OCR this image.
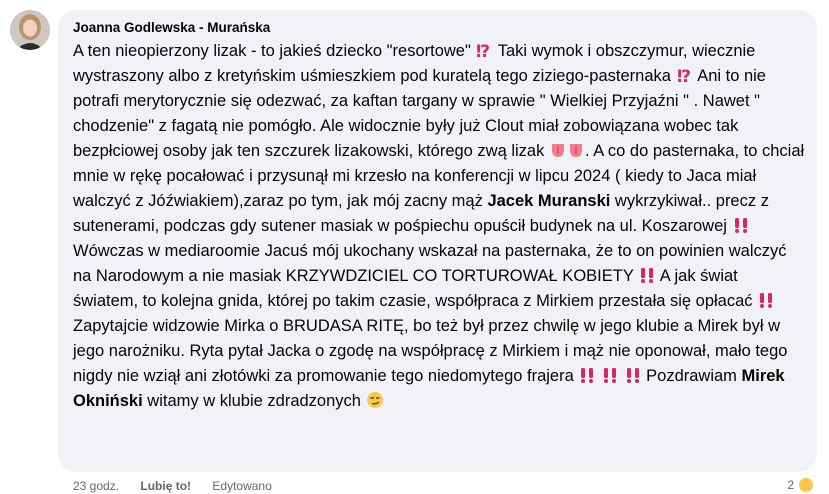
Joanna Godlewska - Murańska

A ten nieopierzony lizak - to jakieś dziecko "resortowe" ⁉ Taki wymok i obszczymur, wiecznie wystraszony albo z kretyńskim uśmieszkiem pod kuratelą tego ziziego-pasternaka ⁉ Ani to nie potrafi merytorycznie się odezwać, za kaftan targany w sprawie " Wielkiej Przyjaźni " . Nawet " chodzenie" z fagatą nie pomógło. Ale widocznie były już Clout miał zobowiązana wobec tak bezpłciowej osoby jak ten szczurek lizakowski, którego zwą lizak . A co do pasternaka, to chciał mnie w rękę pocałować i przysunął mi krzesło na konferencji w lipcu 2024 ( kiedy to Jaca miał walczyć z Jóźwiakiem),zaraz po tym, jak mój zacny mąż Jacek Muranski wykrzykiwał.. precz z sutenerami, podczas gdy sutener masiak w pośpiechu opuścił budynek na ul. Koszarowej  Wówczas w mediaroomie Jacuś mój ukochany wskazał na pasternaka, że to on powinien walczyć na Narodowym a nie masiak KRZYWDZICIEL CO TORTUROWAŁ KOBIETY  A jak świat światem, to kolejna gnida, której po takim czasie, współpraca z Mirkiem przestała się opłacać

Zapytajcie widzowie Mirka o BRUDASA RITĘ, bo też był przez chwilę w jego klubie a Mirek był w jego narożniku. Ryta pytał Jacka o zgodę na współpracę z Mirkiem i mąż nie oponował, mało tego nigdy nie wziął ani złotówki za promowanie tego niedomytego frajera	Pozdrawiam Mirek Okniński witamy w klubie zdradzonych

23 godz. Lubię to! Edytowano	2
